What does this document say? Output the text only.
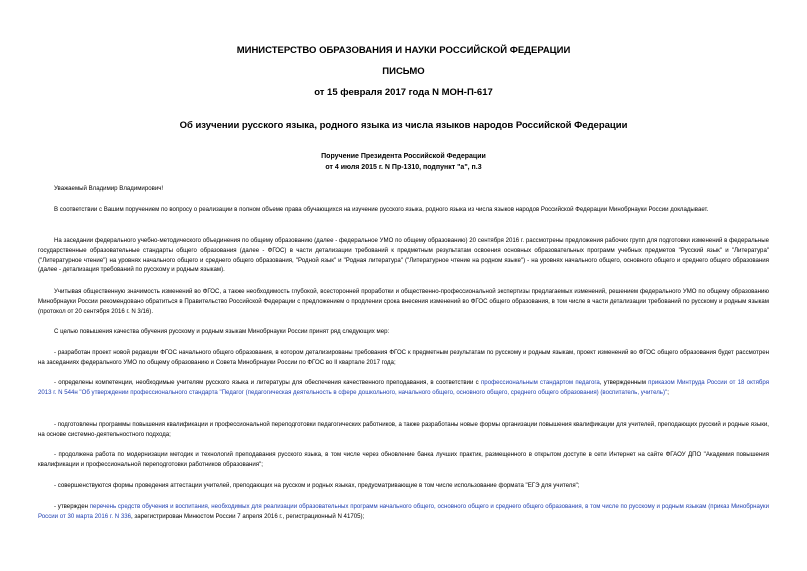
МИНИСТЕРСТВО ОБРАЗОВАНИЯ И НАУКИ РОССИЙСКОЙ ФЕДЕРАЦИИ
ПИСЬМО
от 15 февраля 2017 года N МОН-П-617
Об изучении русского языка, родного языка из числа языков народов Российской Федерации
Поручение Президента Российской Федерации
от 4 июля 2015 г. N Пр-1310, подпункт "а", п.3
Уважаемый Владимир Владимирович!
В соответствии с Вашим поручением по вопросу о реализации в полном объеме права обучающихся на изучение русского языка, родного языка из числа языков народов Российской Федерации Минобрнауки России докладывает.
На заседании федерального учебно-методического объединения по общему образованию (далее - федеральное УМО по общему образованию) 20 сентября 2016 г. рассмотрены предложения рабочих групп для подготовки изменений в федеральные государственные образовательные стандарты общего образования (далее - ФГОС) в части детализации требований к предметным результатам освоения основных образовательных программ учебных предметов "Русский язык" и "Литература" ("Литературное чтение") на уровнях начального общего и среднего общего образования, "Родной язык" и "Родная литература" ("Литературное чтение на родном языке") - на уровнях начального общего, основного общего и среднего общего образования (далее - детализация требований по русскому и родным языкам).
Учитывая общественную значимость изменений во ФГОС, а также необходимость глубокой, всесторонней проработки и общественно-профессиональной экспертизы предлагаемых изменений, решением федерального УМО по общему образованию Минобрнауки России рекомендовано обратиться в Правительство Российской Федерации с предложением о продлении срока внесения изменений во ФГОС общего образования, в том числе в части детализации требований по русскому и родным языкам (протокол от 20 сентября 2016 г. N 3/16).
С целью повышения качества обучения русскому и родным языкам Минобрнауки России принят ряд следующих мер:
- разработан проект новой редакции ФГОС начального общего образования, в котором детализированы требования ФГОС к предметным результатам по русскому и родным языкам, проект изменений во ФГОС общего образования будет рассмотрен на заседаниях федерального УМО по общему образованию и Совета Минобрнауки России по ФГОС во II квартале 2017 года;
- определены компетенции, необходимые учителям русского языка и литературы для обеспечения качественного преподавания, в соответствии с профессиональным стандартом педагога, утвержденным приказом Минтруда России от 18 октября 2013 г. N 544н "Об утверждении профессионального стандарта "Педагог (педагогическая деятельность в сфере дошкольного, начального общего, основного общего, среднего общего образования) (воспитатель, учитель)";
- подготовлены программы повышения квалификации и профессиональной переподготовки педагогических работников, а также разработаны новые формы организации повышения квалификации для учителей, преподающих русский и родные языки, на основе системно-деятельностного подхода;
- продолжена работа по модернизации методик и технологий преподавания русского языка, в том числе через обновление банка лучших практик, размещенного в открытом доступе в сети Интернет на сайте ФГАОУ ДПО "Академия повышения квалификации и профессиональной переподготовки работников образования";
- совершенствуются формы проведения аттестации учителей, преподающих на русском и родных языках, предусматривающие в том числе использование формата "ЕГЭ для учителя";
- утвержден перечень средств обучения и воспитания, необходимых для реализации образовательных программ начального общего, основного общего и среднего общего образования, в том числе по русскому и родным языкам (приказ Минобрнауки России от 30 марта 2016 г. N 336, зарегистрирован Минюстом России 7 апреля 2016 г., регистрационный N 41705);
